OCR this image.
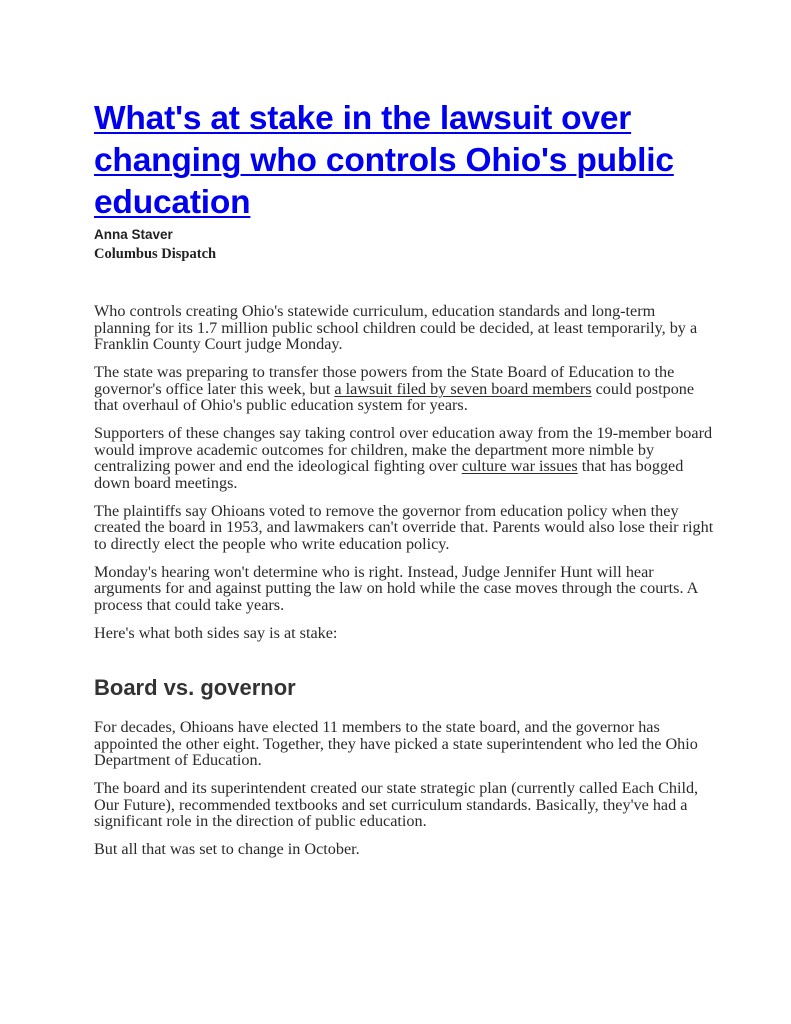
What's at stake in the lawsuit over changing who controls Ohio's public education
Anna Staver
Columbus Dispatch

Who controls creating Ohio's statewide curriculum, education standards and long-term planning for its 1.7 million public school children could be decided, at least temporarily, by a Franklin County Court judge Monday.

The state was preparing to transfer those powers from the State Board of Education to the governor's office later this week, but a lawsuit filed by seven board members could postpone that overhaul of Ohio's public education system for years.

Supporters of these changes say taking control over education away from the 19-member board would improve academic outcomes for children, make the department more nimble by centralizing power and end the ideological fighting over culture war issues that has bogged down board meetings.

The plaintiffs say Ohioans voted to remove the governor from education policy when they created the board in 1953, and lawmakers can't override that. Parents would also lose their right to directly elect the people who write education policy.

Monday's hearing won't determine who is right. Instead, Judge Jennifer Hunt will hear arguments for and against putting the law on hold while the case moves through the courts. A process that could take years.

Here's what both sides say is at stake:

Board vs. governor

For decades, Ohioans have elected 11 members to the state board, and the governor has appointed the other eight. Together, they have picked a state superintendent who led the Ohio Department of Education.

The board and its superintendent created our state strategic plan (currently called Each Child, Our Future), recommended textbooks and set curriculum standards. Basically, they've had a significant role in the direction of public education.

But all that was set to change in October.
